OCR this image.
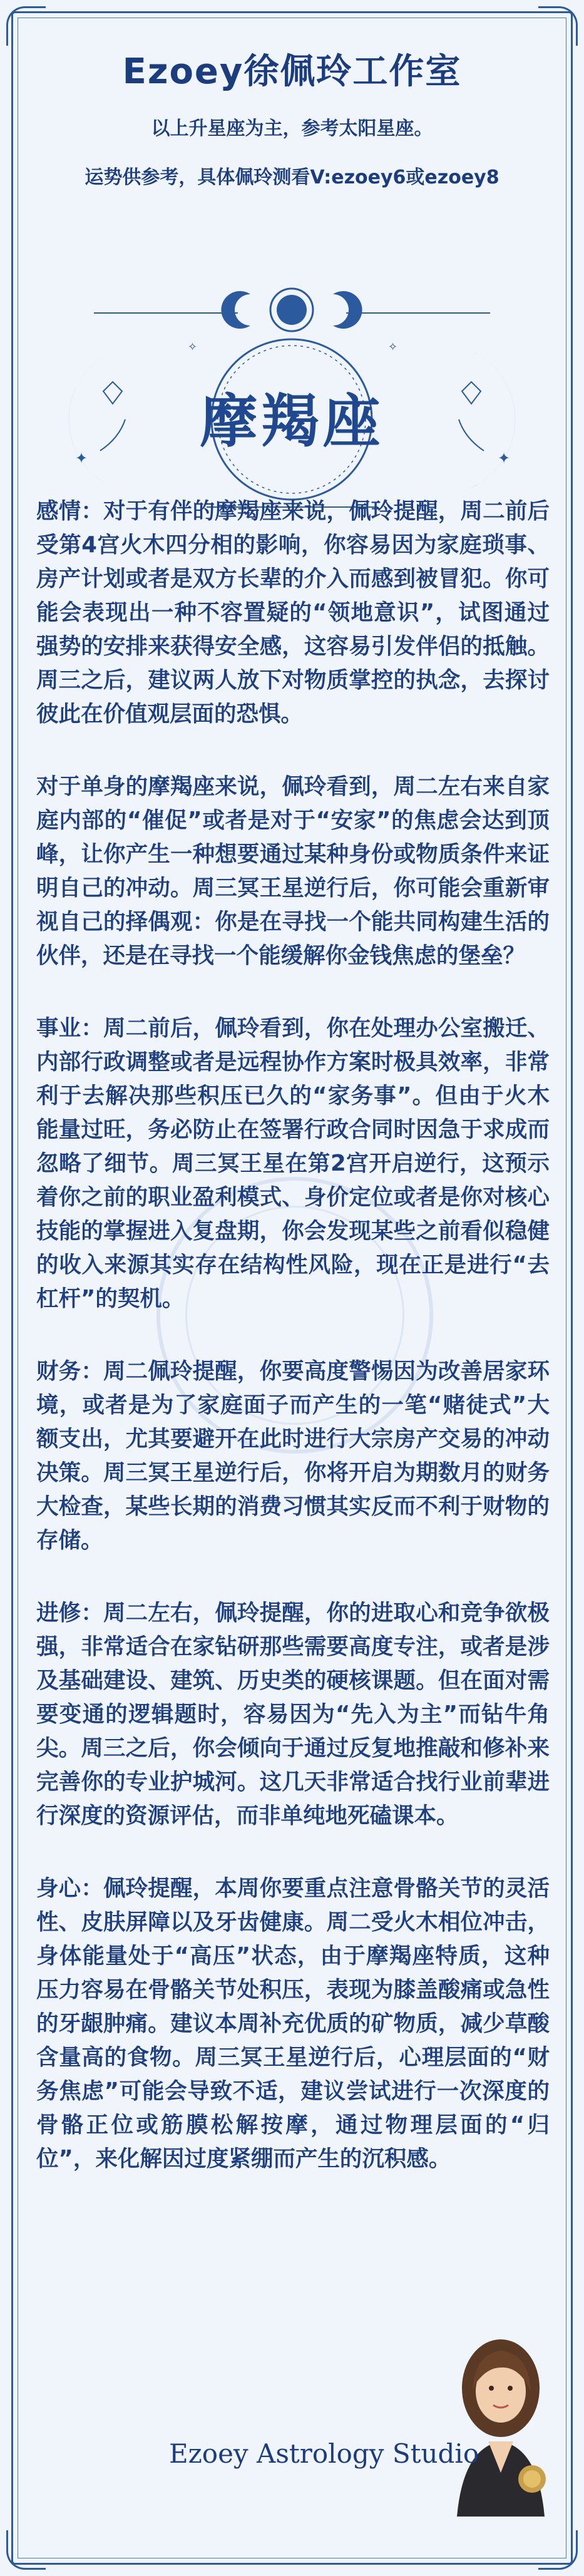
Ezoey徐佩玲工作室
以上升星座为主，参考太阳星座。
运势供参考，具体佩玲测看V:ezoey6或ezoey8
✦	✦
✧	✧
摩羯座

感情：对于有伴的摩羯座来说，佩玲提醒，周二前后受第4宫火木四分相的影响，你容易因为家庭琐事、房产计划或者是双方长辈的介入而感到被冒犯。你可能会表现出一种不容置疑的“领地意识”，试图通过强势的安排来获得安全感，这容易引发伴侣的抵触。周三之后，建议两人放下对物质掌控的执念，去探讨彼此在价值观层面的恐惧。

对于单身的摩羯座来说，佩玲看到，周二左右来自家庭内部的“催促”或者是对于“安家”的焦虑会达到顶峰，让你产生一种想要通过某种身份或物质条件来证明自己的冲动。周三冥王星逆行后，你可能会重新审视自己的择偶观：你是在寻找一个能共同构建生活的伙伴，还是在寻找一个能缓解你金钱焦虑的堡垒？

事业：周二前后，佩玲看到，你在处理办公室搬迁、内部行政调整或者是远程协作方案时极具效率，非常利于去解决那些积压已久的“家务事”。但由于火木能量过旺，务必防止在签署行政合同时因急于求成而忽略了细节。周三冥王星在第2宫开启逆行，这预示着你之前的职业盈利模式、身价定位或者是你对核心技能的掌握进入复盘期，你会发现某些之前看似稳健的收入来源其实存在结构性风险，现在正是进行“去杠杆”的契机。

财务：周二佩玲提醒，你要高度警惕因为改善居家环境，或者是为了家庭面子而产生的一笔“赌徒式”大额支出，尤其要避开在此时进行大宗房产交易的冲动决策。周三冥王星逆行后，你将开启为期数月的财务大检查，某些长期的消费习惯其实反而不利于财物的存储。

进修：周二左右，佩玲提醒，你的进取心和竞争欲极强，非常适合在家钻研那些需要高度专注，或者是涉及基础建设、建筑、历史类的硬核课题。但在面对需要变通的逻辑题时，容易因为“先入为主”而钻牛角尖。周三之后，你会倾向于通过反复地推敲和修补来完善你的专业护城河。这几天非常适合找行业前辈进行深度的资源评估，而非单纯地死磕课本。

身心：佩玲提醒，本周你要重点注意骨骼关节的灵活性、皮肤屏障以及牙齿健康。周二受火木相位冲击，身体能量处于“高压”状态，由于摩羯座特质，这种压力容易在骨骼关节处积压，表现为膝盖酸痛或急性的牙龈肿痛。建议本周补充优质的矿物质，减少草酸含量高的食物。周三冥王星逆行后，心理层面的“财务焦虑”可能会导致不适，建议尝试进行一次深度的骨骼正位或筋膜松解按摩，通过物理层面的“归位”，来化解因过度紧绷而产生的沉积感。

Ezoey Astrology Studio
